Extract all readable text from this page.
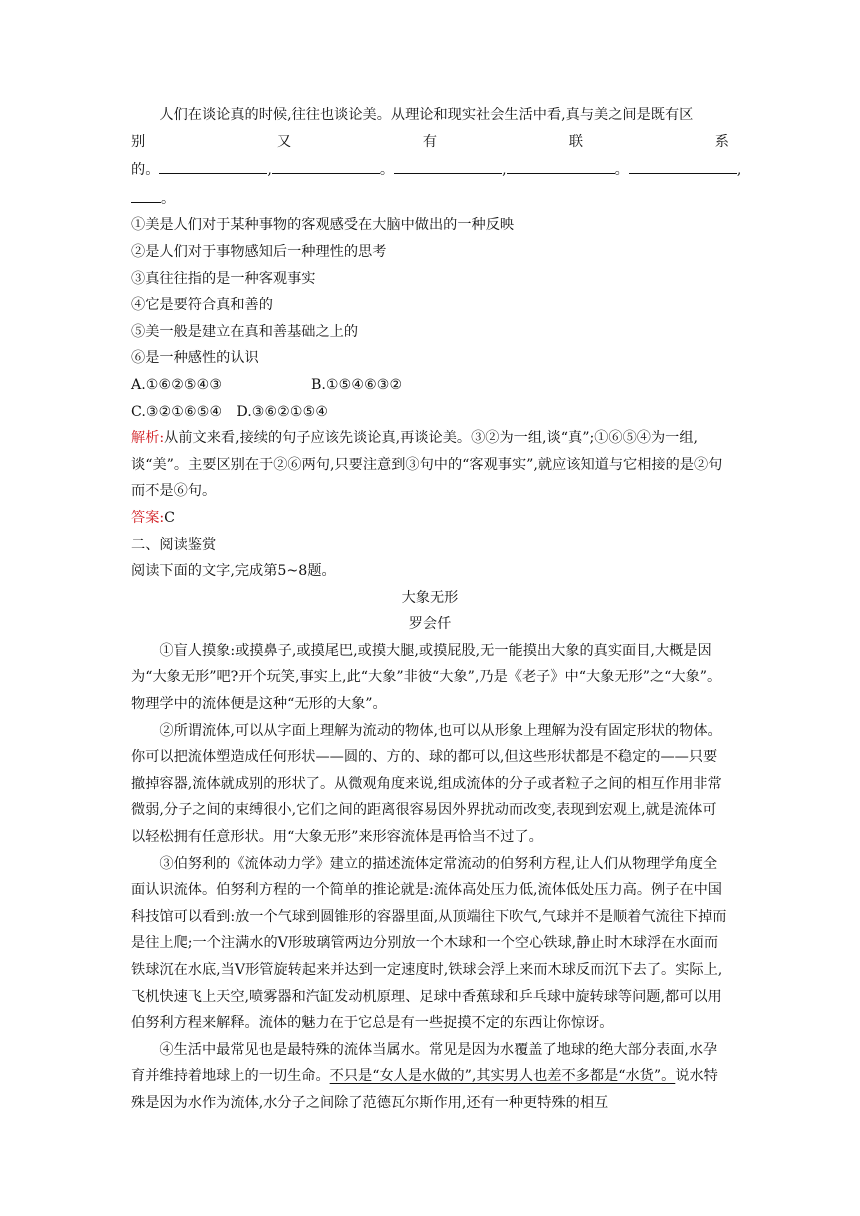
人们在谈论真的时候,往往也谈论美。从理论和现实社会生活中看,真与美之间是既有区

别	又	有	联	系

的。	,	。	,	。	,

。

①美是人们对于某种事物的客观感受在大脑中做出的一种反映

②是人们对于事物感知后一种理性的思考

③真往往指的是一种客观事实

④它是要符合真和善的

⑤美一般是建立在真和善基础之上的

⑥是一种感性的认识

A.①⑥②⑤④③	B.①⑤④⑥③②

C.③②①⑥⑤④　D.③⑥②①⑤④

解析:从前文来看,接续的句子应该先谈论真,再谈论美。③②为一组,谈“真”;①⑥⑤④为一组,谈“美”。主要区别在于②⑥两句,只要注意到③句中的“客观事实”,就应该知道与它相接的是②句而不是⑥句。

答案:C

二、阅读鉴赏

阅读下面的文字,完成第5~8题。

大象无形

罗会仟

①盲人摸象:或摸鼻子,或摸尾巴,或摸大腿,或摸屁股,无一能摸出大象的真实面目,大概是因为“大象无形”吧?开个玩笑,事实上,此“大象”非彼“大象”,乃是《老子》中“大象无形”之“大象”。物理学中的流体便是这种“无形的大象”。

②所谓流体,可以从字面上理解为流动的物体,也可以从形象上理解为没有固定形状的物体。你可以把流体塑造成任何形状——圆的、方的、球的都可以,但这些形状都是不稳定的——只要撤掉容器,流体就成别的形状了。从微观角度来说,组成流体的分子或者粒子之间的相互作用非常微弱,分子之间的束缚很小,它们之间的距离很容易因外界扰动而改变,表现到宏观上,就是流体可以轻松拥有任意形状。用“大象无形”来形容流体是再恰当不过了。

③伯努利的《流体动力学》建立的描述流体定常流动的伯努利方程,让人们从物理学角度全面认识流体。伯努利方程的一个简单的推论就是:流体高处压力低,流体低处压力高。例子在中国科技馆可以看到:放一个气球到圆锥形的容器里面,从顶端往下吹气,气球并不是顺着气流往下掉而是往上爬;一个注满水的V形玻璃管两边分别放一个木球和一个空心铁球,静止时木球浮在水面而铁球沉在水底,当V形管旋转起来并达到一定速度时,铁球会浮上来而木球反而沉下去了。实际上,飞机快速飞上天空,喷雾器和汽缸发动机原理、足球中香蕉球和乒乓球中旋转球等问题,都可以用伯努利方程来解释。流体的魅力在于它总是有一些捉摸不定的东西让你惊讶。

④生活中最常见也是最特殊的流体当属水。常见是因为水覆盖了地球的绝大部分表面,水孕育并维持着地球上的一切生命。不只是“女人是水做的”,其实男人也差不多都是“水货”。说水特殊是因为水作为流体,水分子之间除了范德瓦尔斯作用,还有一种更特殊的相互
